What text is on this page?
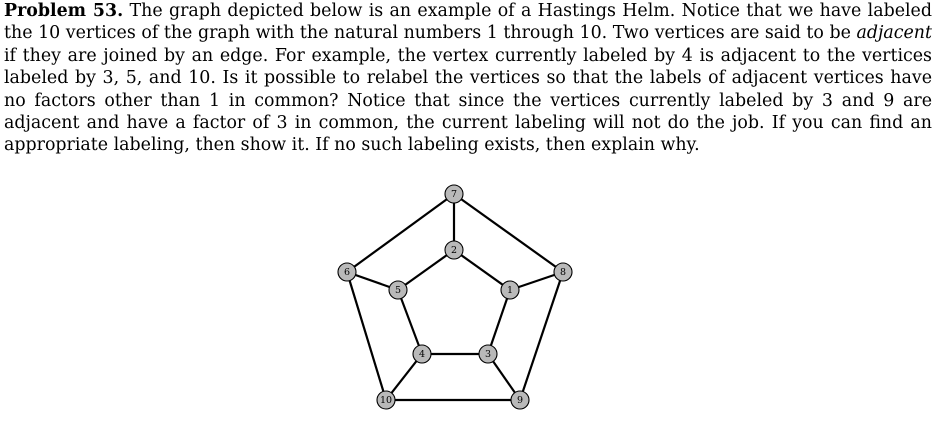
Problem 53. The graph depicted below is an example of a Hastings Helm. Notice that we have labeled the 10 vertices of the graph with the natural numbers 1 through 10. Two vertices are said to be adjacent if they are joined by an edge. For example, the vertex currently labeled by 4 is adjacent to the vertices labeled by 3, 5, and 10. Is it possible to relabel the vertices so that the labels of adjacent vertices have no factors other than 1 in common? Notice that since the vertices currently labeled by 3 and 9 are adjacent and have a factor of 3 in common, the current labeling will not do the job. If you can find an appropriate labeling, then show it. If no such labeling exists, then explain why.

7
6	8
10	9
2
5	1
4	3
